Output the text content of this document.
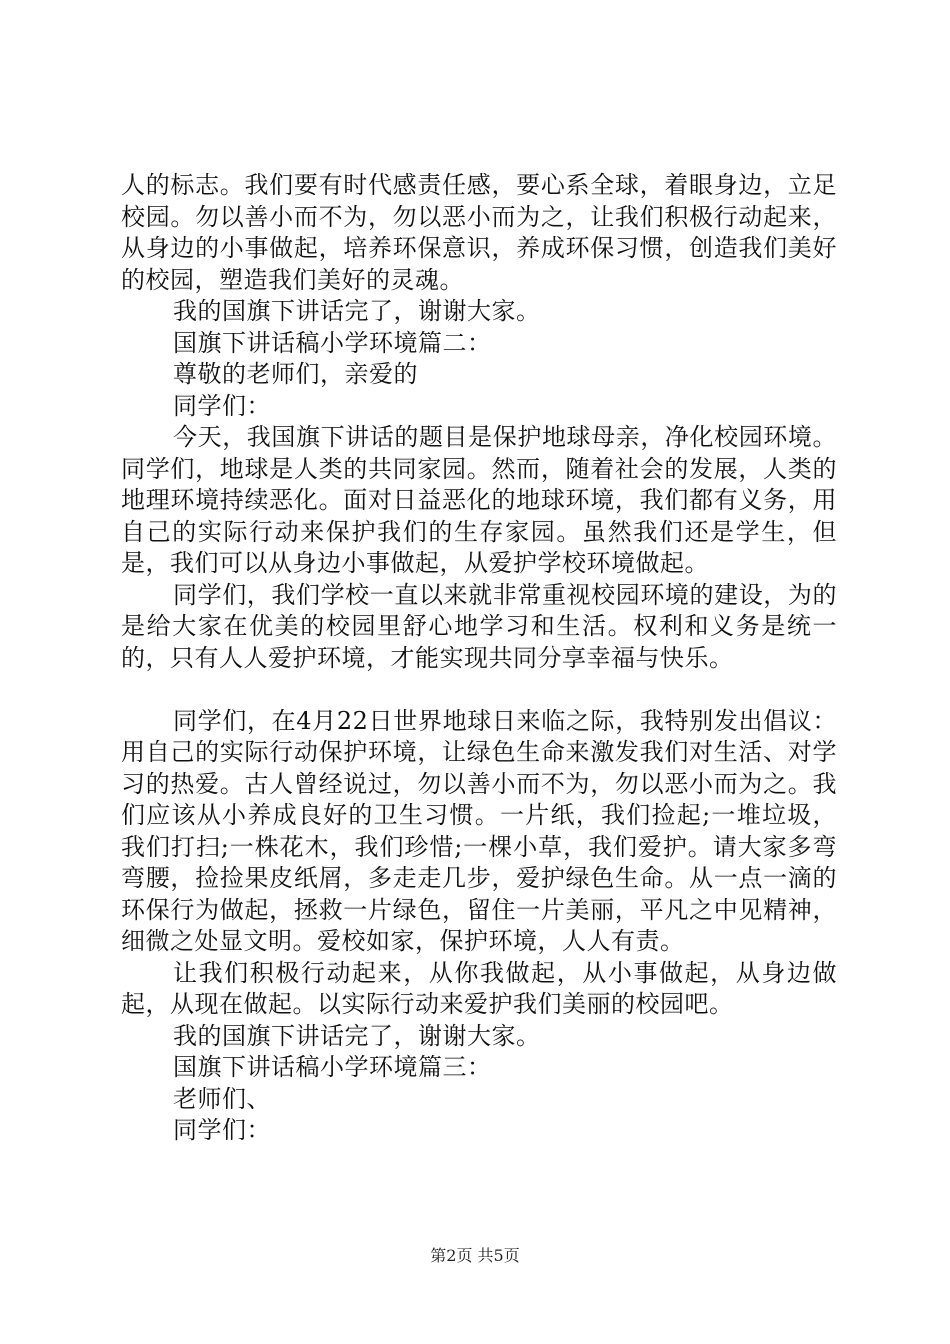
人的标志。我们要有时代感责任感，要心系全球，着眼身边，立足校园。勿以善小而不为，勿以恶小而为之，让我们积极行动起来，从身边的小事做起，培养环保意识，养成环保习惯，创造我们美好的校园，塑造我们美好的灵魂。

我的国旗下讲话完了，谢谢大家。

国旗下讲话稿小学环境篇二：

尊敬的老师们，亲爱的

同学们：

今天，我国旗下讲话的题目是保护地球母亲，净化校园环境。同学们，地球是人类的共同家园。然而，随着社会的发展，人类的地理环境持续恶化。面对日益恶化的地球环境，我们都有义务，用自己的实际行动来保护我们的生存家园。虽然我们还是学生，但是，我们可以从身边小事做起，从爱护学校环境做起。

同学们，我们学校一直以来就非常重视校园环境的建设，为的是给大家在优美的校园里舒心地学习和生活。权利和义务是统一的，只有人人爱护环境，才能实现共同分享幸福与快乐。

同学们，在4月22日世界地球日来临之际，我特别发出倡议：用自己的实际行动保护环境，让绿色生命来激发我们对生活、对学习的热爱。古人曾经说过，勿以善小而不为，勿以恶小而为之。我们应该从小养成良好的卫生习惯。一片纸，我们捡起;一堆垃圾，我们打扫;一株花木，我们珍惜;一棵小草，我们爱护。请大家多弯弯腰，捡捡果皮纸屑，多走走几步，爱护绿色生命。从一点一滴的环保行为做起，拯救一片绿色，留住一片美丽，平凡之中见精神，细微之处显文明。爱校如家，保护环境，人人有责。

让我们积极行动起来，从你我做起，从小事做起，从身边做起，从现在做起。以实际行动来爱护我们美丽的校园吧。

我的国旗下讲话完了，谢谢大家。

国旗下讲话稿小学环境篇三：

老师们、

同学们：

第2页 共5页
